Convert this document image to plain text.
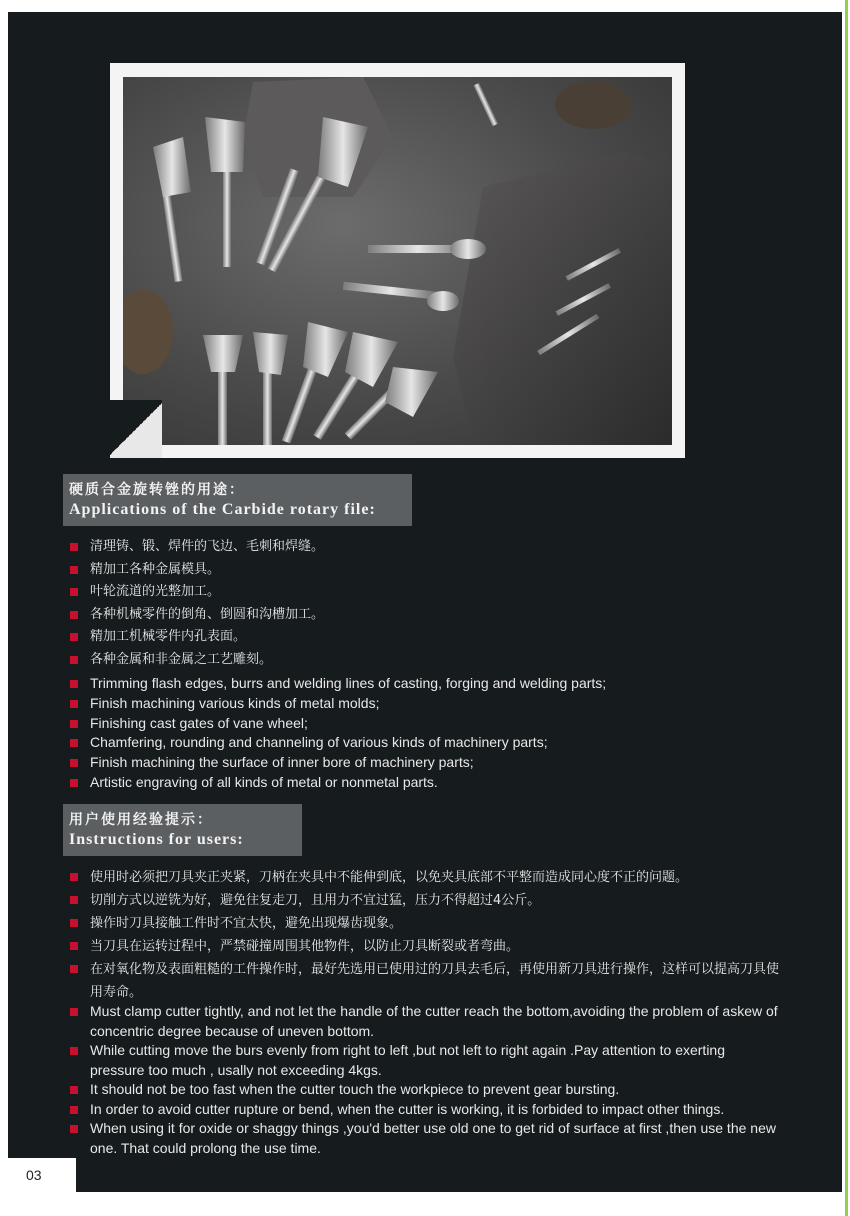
硬质合金旋转锉的用途：
Applications of the Carbide rotary file:
清理铸、锻、焊件的飞边、毛刺和焊缝。
精加工各种金属模具。
叶轮流道的光整加工。
各种机械零件的倒角、倒圆和沟槽加工。
精加工机械零件内孔表面。
各种金属和非金属之工艺雕刻。
Trimming flash edges, burrs and welding lines of casting, forging and welding parts;
Finish machining various kinds of metal molds;
Finishing cast gates of vane wheel;
Chamfering, rounding and channeling of various kinds of machinery parts;
Finish machining the surface of inner bore of machinery parts;
Artistic engraving of all kinds of metal or nonmetal parts.
用户使用经验提示：
Instructions for users:
使用时必须把刀具夹正夹紧，刀柄在夹具中不能伸到底，以免夹具底部不平整而造成同心度不正的问题。
切削方式以逆铣为好，避免往复走刀，且用力不宜过猛，压力不得超过4公斤。
操作时刀具接触工件时不宜太快，避免出现爆齿现象。
当刀具在运转过程中，严禁碰撞周围其他物件，以防止刀具断裂或者弯曲。
在对氧化物及表面粗糙的工件操作时，最好先选用已使用过的刀具去毛后，再使用新刀具进行操作，这样可以提高刀具使用寿命。
Must clamp cutter tightly, and not let the handle of the cutter reach the bottom,avoiding the problem of askew of concentric degree because of uneven bottom.
While cutting move the burs evenly from right to left ,but not left to right again .Pay attention to exerting pressure too much , usally not exceeding 4kgs.
It should not be too fast when the cutter touch the workpiece to prevent gear bursting.
In order to avoid cutter rupture or bend, when the cutter is working, it is forbided to impact other things.
When using it for oxide or shaggy things ,you'd better use old one to get rid of surface at first ,then use the new one. That could prolong the use time.
03
